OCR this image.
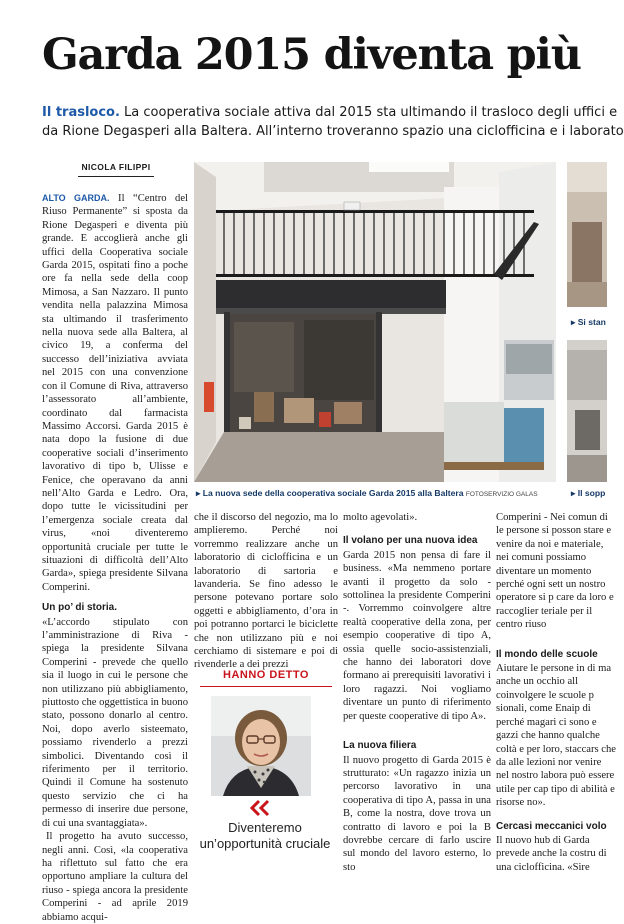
Garda 2015 diventa più
Il trasloco. La cooperativa sociale attiva dal 2015 sta ultimando il trasloco degli uffici e
da Rione Degasperi alla Baltera. All’interno troveranno spazio una ciclofficina e i laborato
NICOLA FILIPPI

ALTO GARDA. Il “Centro del Riuso Permanente” si sposta da Rione Degasperi e diventa più grande. E accoglierà anche gli uffici della Cooperativa sociale Garda 2015, ospitati fino a poche ore fa nella sede della coop Mimosa, a San Nazzaro. Il punto vendita nella palazzina Mimosa sta ultimando il trasferimento nella nuova sede alla Baltera, al civico 19, a conferma del successo dell’iniziativa avviata nel 2015 con una convenzione con il Comune di Riva, attraverso l’assessorato all’ambiente, coordinato dal farmacista Massimo Accorsi. Garda 2015 è nata dopo la fusione di due cooperative sociali d’inserimento lavorativo di tipo b, Ulisse e Fenice, che operavano da anni nell’Alto Garda e Ledro. Ora, dopo tutte le vicissitudini per l’emergenza sociale creata dal virus, «noi diventeremo opportunità cruciale per tutte le situazioni di difficoltà dell’Alto Garda», spiega presidente Silvana Comperini.

Un po’ di storia.

«L’accordo stipulato con l’amministrazione di Riva - spiega la presidente Silvana Comperini - prevede che quello sia il luogo in cui le persone che non utilizzano più abbigliamento, piuttosto che oggettistica in buono stato, possono donarlo al centro. Noi, dopo averlo sisteemato, possiamo rivenderlo a prezzi simbolici. Diventando così il riferimento per il territorio. Quindi il Comune ha sostenuto questo servizio che ci ha permesso di inserire due persone, di cui una svantaggiata».

Il progetto ha avuto successo, negli anni. Così, «la cooperativa ha riflettuto sul fatto che era opportuno ampliare la cultura del riuso - spiega ancora la presidente Comperini - ad aprile 2019 abbiamo acqui-

▸ Si stan
▸ Il sopp
▸ La nuova sede della cooperativa sociale Garda 2015 alla Baltera FOTOSERVIZIO GALAS

che il discorso del negozio, ma lo amplieremo. Perché noi vorremmo realizzare anche un laboratorio di ciclofficina e un laboratorio di sartoria e lavanderia. Se fino adesso le persone potevano portare solo oggetti e abbigliamento, d’ora in poi potranno portarci le biciclette che non utilizzano più e noi cerchiamo di sistemare e poi di rivenderle a dei prezzi

HANNO DETTO
Diventeremo un’opportunità cruciale

molto agevolati».

Il volano per una nuova idea

Garda 2015 non pensa di fare il business. «Ma nemmeno portare avanti il progetto da solo - sottolinea la presidente Comperini -. Vorremmo coinvolgere altre realtà cooperative della zona, per esempio cooperative di tipo A, ossia quelle socio-assistenziali, che hanno dei laboratori dove formano ai prerequisiti lavorativi i loro ragazzi. Noi vogliamo diventare un punto di riferimento per queste cooperative di tipo A».

La nuova filiera

Il nuovo progetto di Garda 2015 è strutturato: «Un ragazzo inizia un percorso lavorativo in una cooperativa di tipo A, passa in una B, come la nostra, dove trova un contratto di lavoro e poi la B dovrebbe cercare di farlo uscire sul mondo del lavoro esterno, lo sto

Comperini - Nei comun di le persone si posson stare e venire da noi e materiale, nei comuni possiamo diventare un momento perché ogni sett un nostro operatore si p care da loro e raccoglier teriale per il centro riuso

Il mondo delle scuole

Aiutare le persone in di ma anche un occhio all coinvolgere le scuole p sionali, come Enaip di perché magari ci sono e gazzi che hanno qualche coltà e per loro, staccars che da alle lezioni nor venire nel nostro labora può essere utile per cap tipo di abilità e risorse no».

Cercasi meccanici volo

Il nuovo hub di Garda prevede anche la costru di una ciclofficina. «Sire
